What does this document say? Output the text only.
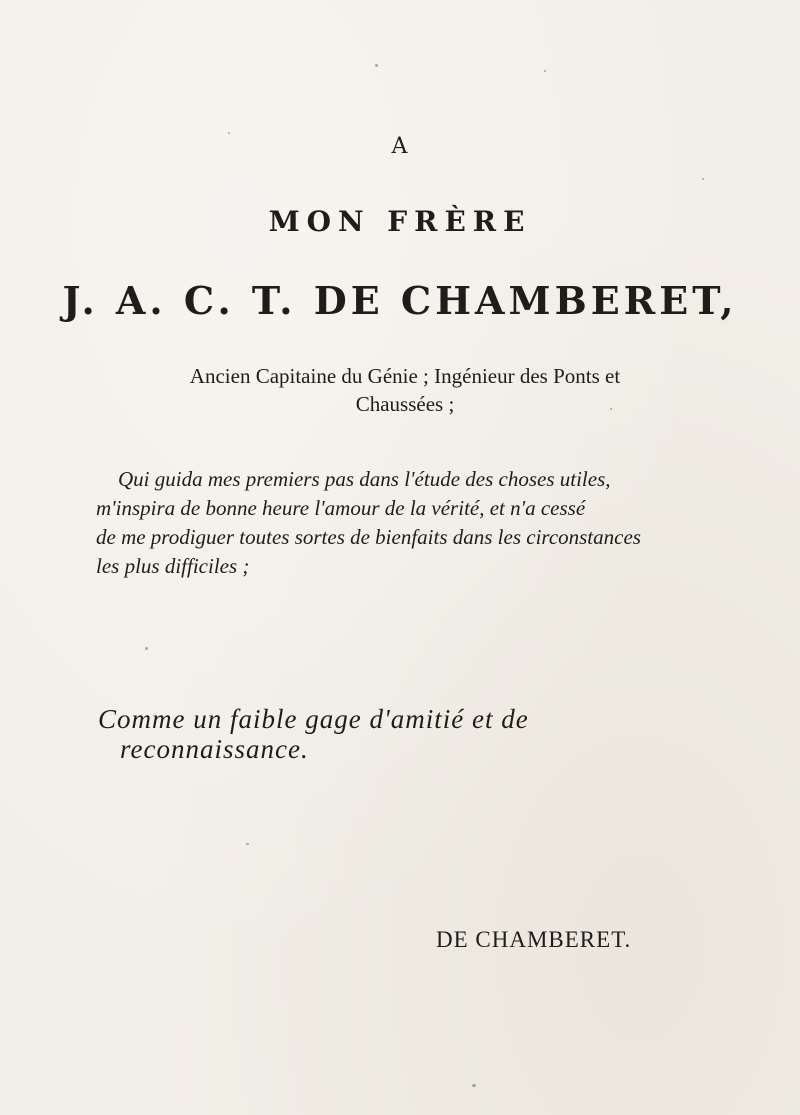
A
MON FRÈRE
J. A. C. T. DE CHAMBERET,
Ancien Capitaine du Génie ; Ingénieur des Ponts et
Chaussées ;
Qui guida mes premiers pas dans l'étude des choses utiles,
m'inspira de bonne heure l'amour de la vérité, et n'a cessé
de me prodiguer toutes sortes de bienfaits dans les circonstances
les plus difficiles ;
Comme un faible gage d'amitié et de
reconnaissance.
DE CHAMBERET.
